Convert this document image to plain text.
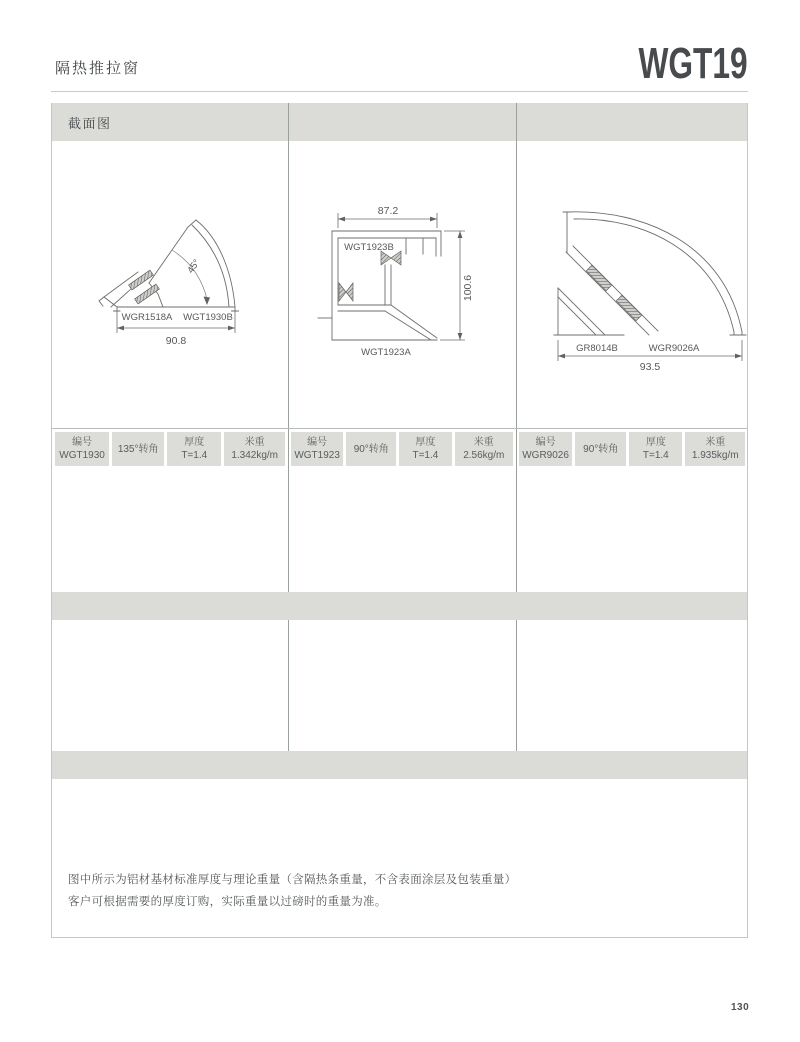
隔热推拉窗	WGT19
截面图
45°
WGR1518A WGT1930B
90.8
87.2
WGT1923B
WGT1923A
100.6
GR8014B	WGR9026A
93.5
编号
WGT1930
135°转角
厚度
T=1.4
米重
1.342kg/m
编号
WGT1923
90°转角
厚度
T=1.4
米重
2.56kg/m
编号
WGR9026
90°转角
厚度
T=1.4
米重
1.935kg/m
图中所示为铝材基材标准厚度与理论重量（含隔热条重量，不含表面涂层及包装重量）
客户可根据需要的厚度订购，实际重量以过磅时的重量为准。
130
